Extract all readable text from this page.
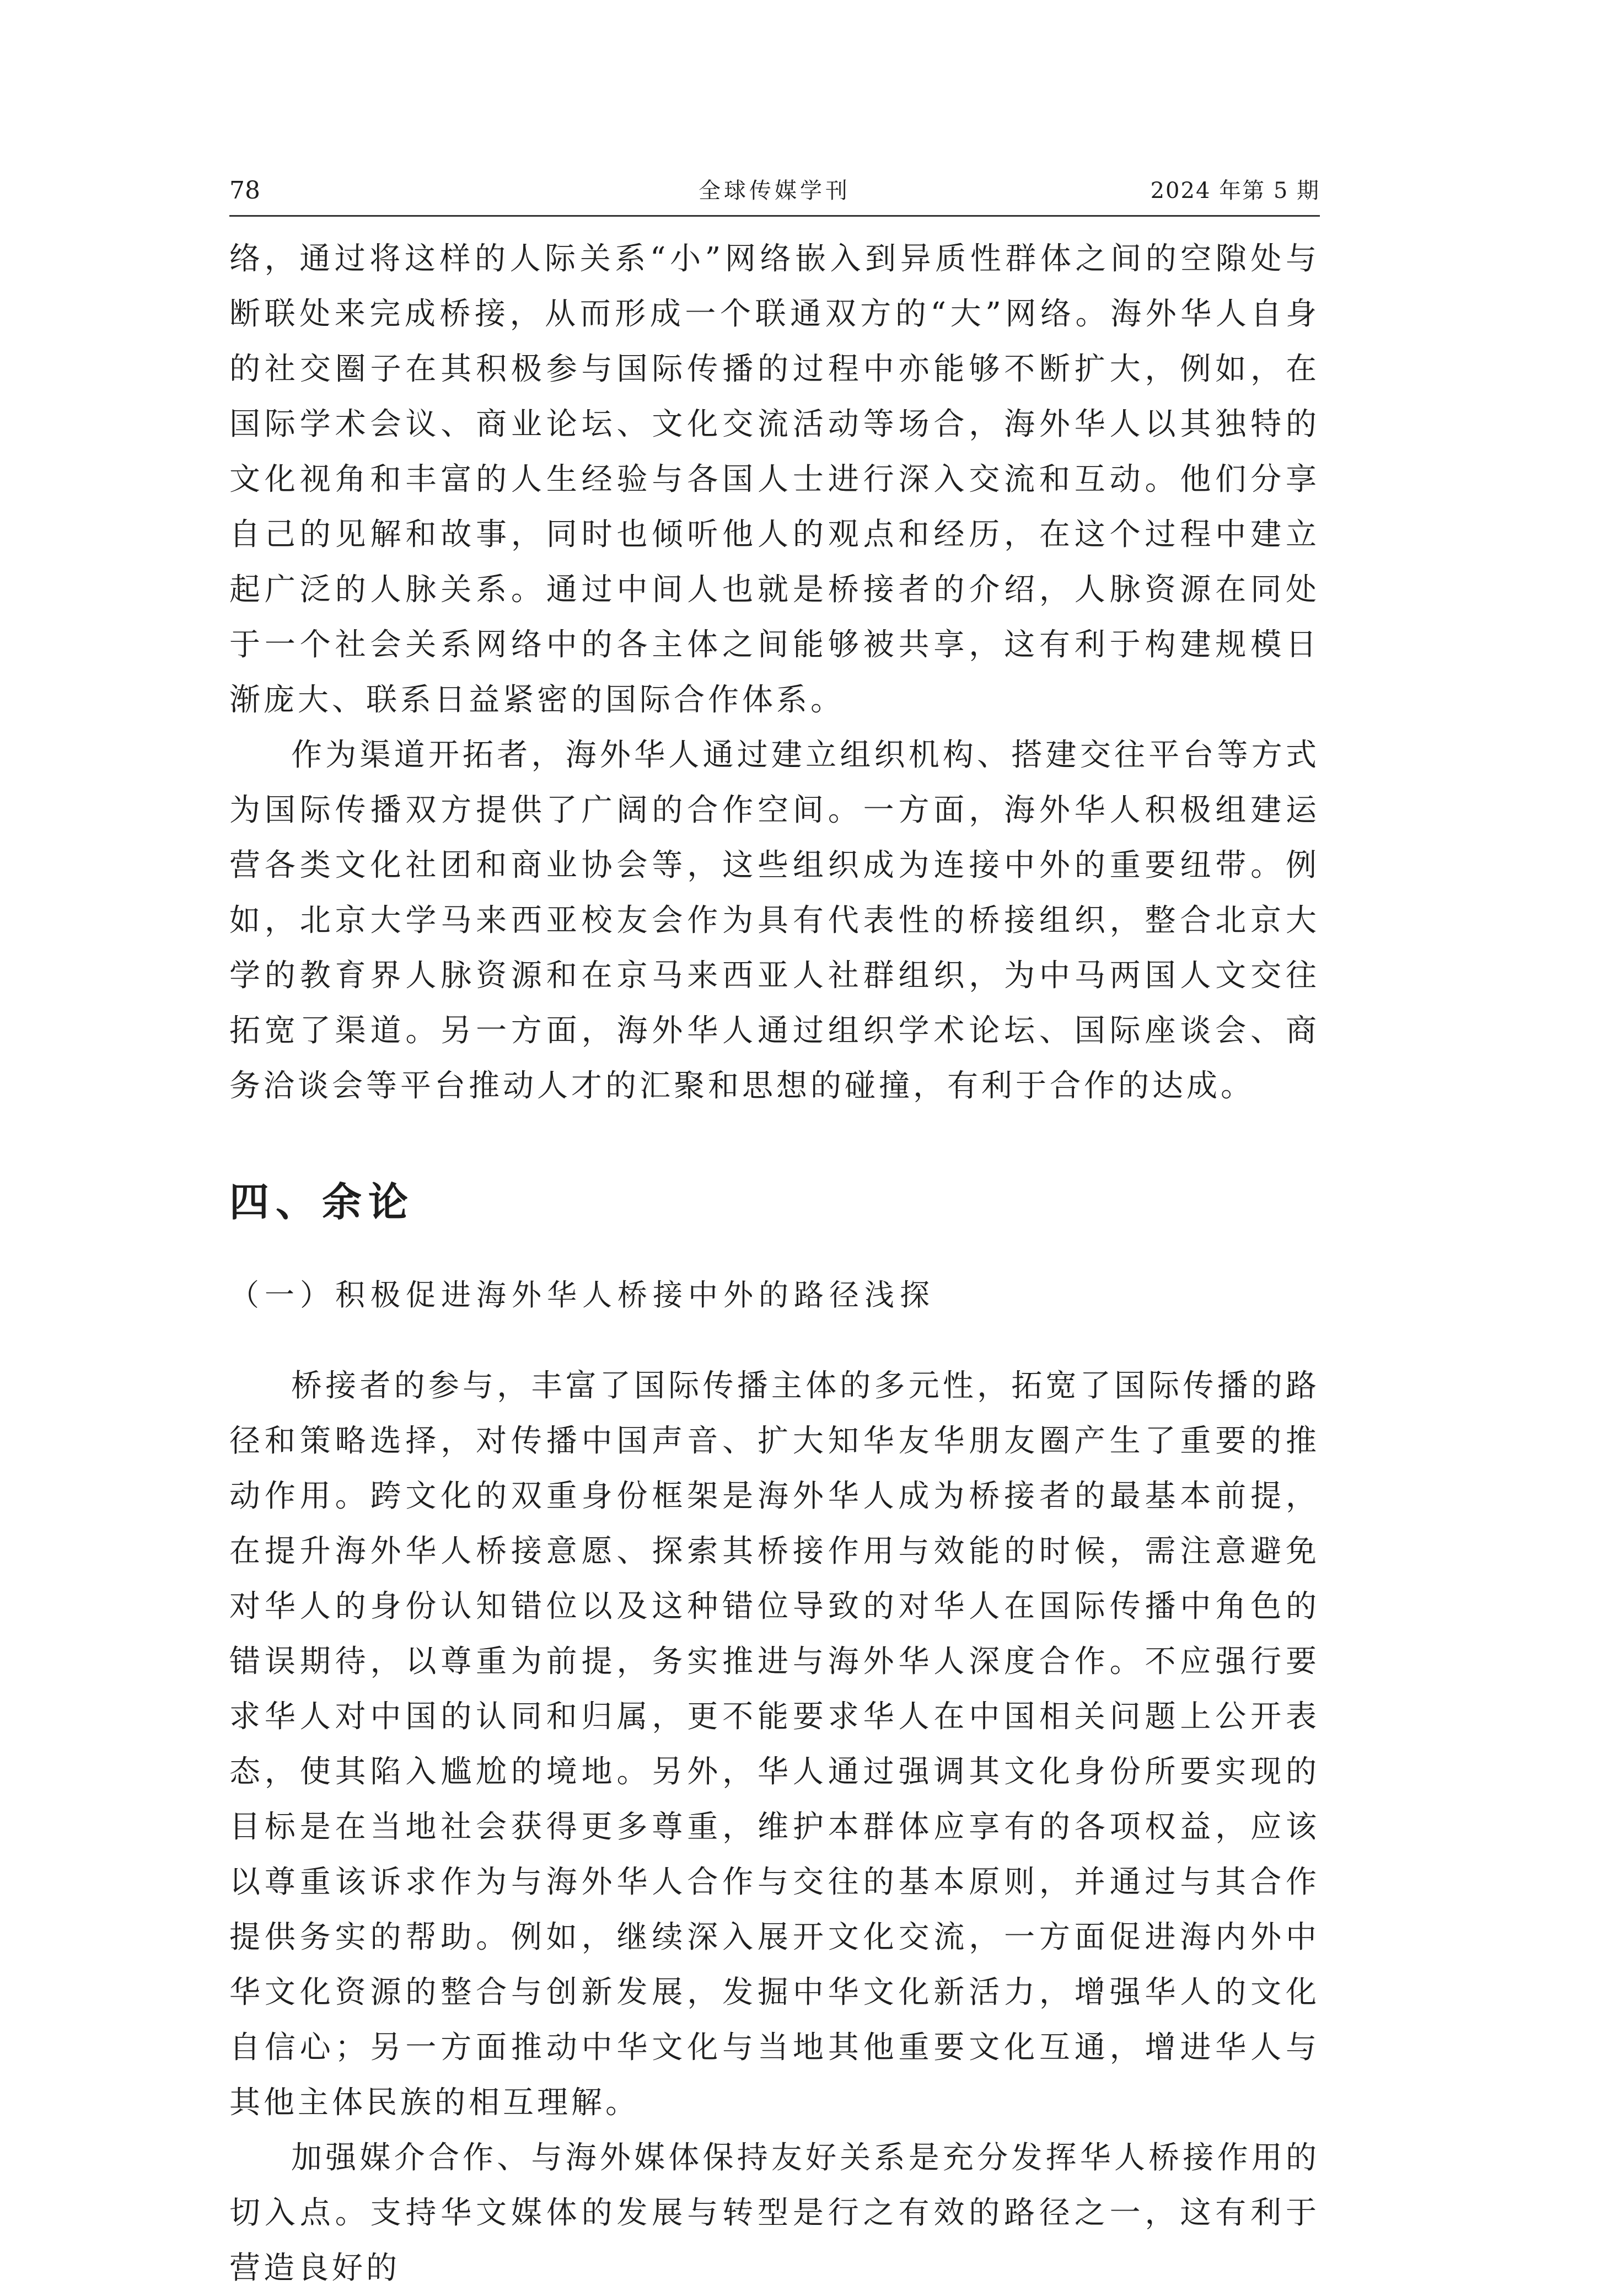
78	全球传媒学刊	2024 年第 5 期

络，通过将这样的人际关系“小”网络嵌入到异质性群体之间的空隙处与断联处来完成桥接，从而形成一个联通双方的“大”网络。海外华人自身的社交圈子在其积极参与国际传播的过程中亦能够不断扩大，例如，在国际学术会议、商业论坛、文化交流活动等场合，海外华人以其独特的文化视角和丰富的人生经验与各国人士进行深入交流和互动。他们分享自己的见解和故事，同时也倾听他人的观点和经历，在这个过程中建立起广泛的人脉关系。通过中间人也就是桥接者的介绍，人脉资源在同处于一个社会关系网络中的各主体之间能够被共享，这有利于构建规模日渐庞大、联系日益紧密的国际合作体系。

作为渠道开拓者，海外华人通过建立组织机构、搭建交往平台等方式为国际传播双方提供了广阔的合作空间。一方面，海外华人积极组建运营各类文化社团和商业协会等，这些组织成为连接中外的重要纽带。例如，北京大学马来西亚校友会作为具有代表性的桥接组织，整合北京大学的教育界人脉资源和在京马来西亚人社群组织，为中马两国人文交往拓宽了渠道。另一方面，海外华人通过组织学术论坛、国际座谈会、商务洽谈会等平台推动人才的汇聚和思想的碰撞，有利于合作的达成。

四、余论
（一）积极促进海外华人桥接中外的路径浅探

桥接者的参与，丰富了国际传播主体的多元性，拓宽了国际传播的路径和策略选择，对传播中国声音、扩大知华友华朋友圈产生了重要的推动作用。跨文化的双重身份框架是海外华人成为桥接者的最基本前提，在提升海外华人桥接意愿、探索其桥接作用与效能的时候，需注意避免对华人的身份认知错位以及这种错位导致的对华人在国际传播中角色的错误期待，以尊重为前提，务实推进与海外华人深度合作。不应强行要求华人对中国的认同和归属，更不能要求华人在中国相关问题上公开表态，使其陷入尴尬的境地。另外，华人通过强调其文化身份所要实现的目标是在当地社会获得更多尊重，维护本群体应享有的各项权益，应该以尊重该诉求作为与海外华人合作与交往的基本原则，并通过与其合作提供务实的帮助。例如，继续深入展开文化交流，一方面促进海内外中华文化资源的整合与创新发展，发掘中华文化新活力，增强华人的文化自信心；另一方面推动中华文化与当地其他重要文化互通，增进华人与其他主体民族的相互理解。

加强媒介合作、与海外媒体保持友好关系是充分发挥华人桥接作用的切入点。支持华文媒体的发展与转型是行之有效的路径之一，这有利于营造良好的
